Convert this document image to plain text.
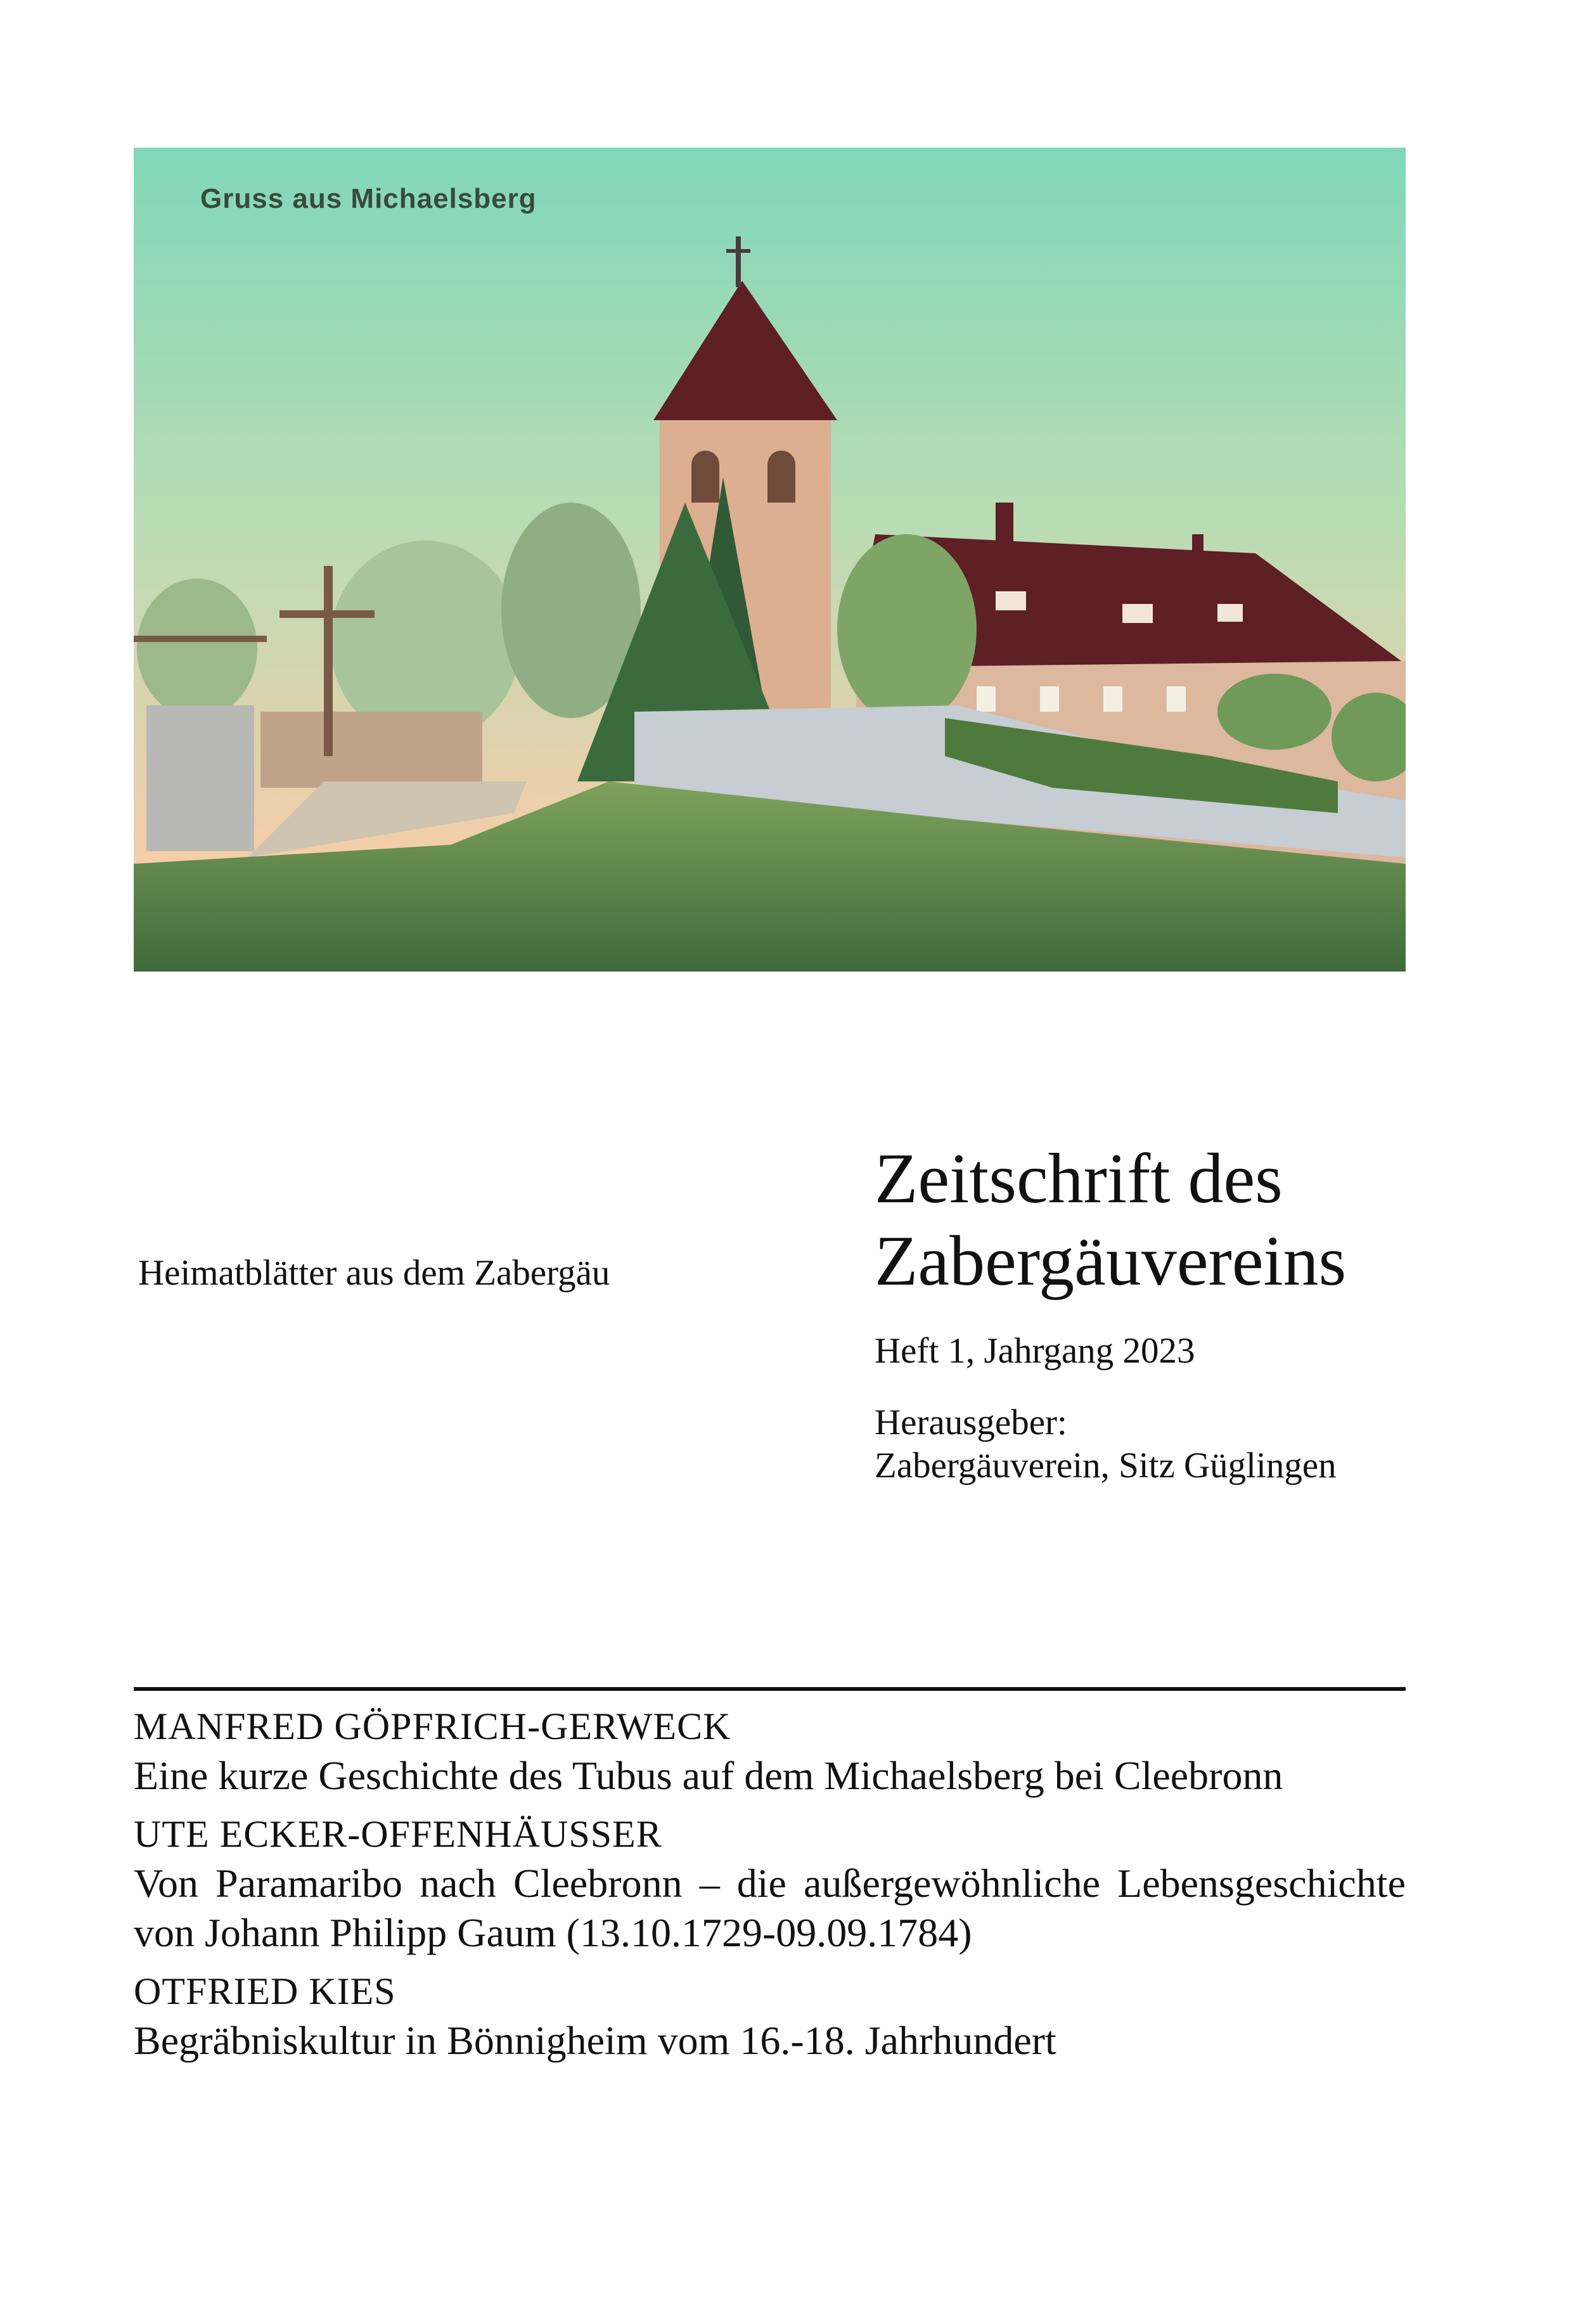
Gruss aus Michaelsberg
Heimatblätter aus dem Zabergäu
Zeitschrift des
Zabergäuvereins
Heft 1, Jahrgang 2023
Herausgeber:
Zabergäuverein, Sitz Güglingen
MANFRED GÖPFRICH-GERWECK
Eine kurze Geschichte des Tubus auf dem Michaelsberg bei Cleebronn
UTE ECKER-OFFENHÄUSSER
Von Paramaribo nach Cleebronn – die außergewöhnliche Lebensgeschichte von Johann Philipp Gaum (13.10.1729-09.09.1784)
OTFRIED KIES
Begräbniskultur in Bönnigheim vom 16.-18. Jahrhundert
